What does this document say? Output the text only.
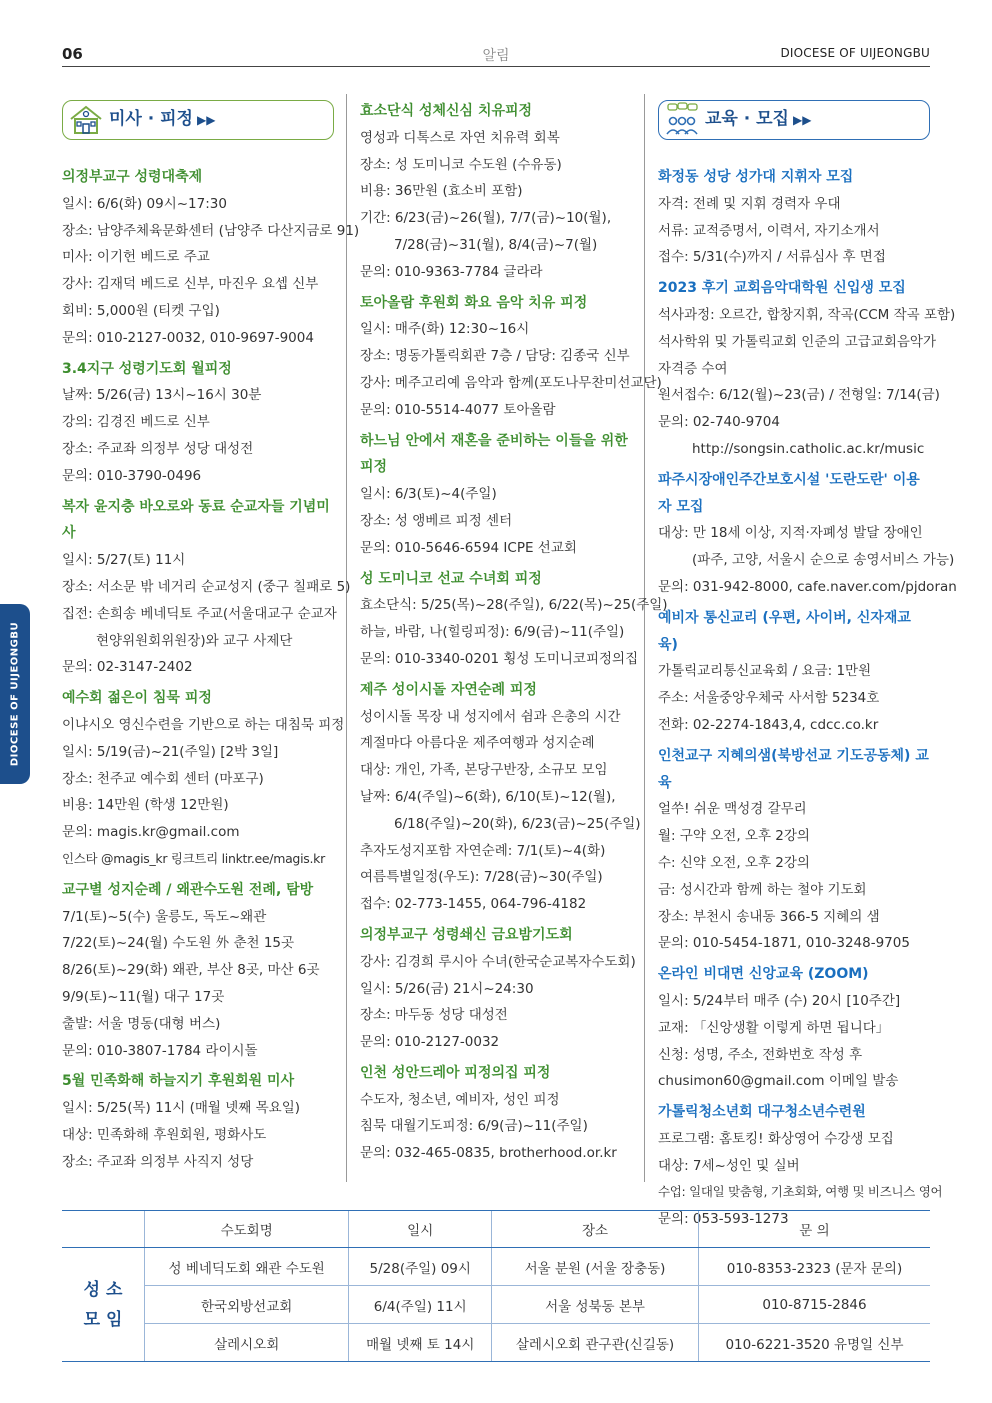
06	알림	DIOCESE OF UIJEONGBU
DIOCESE OF UIJEONGBU
미사 · 피정 ▶▶
의정부교구 성령대축제
일시: 6/6(화) 09시~17:30
장소: 남양주체육문화센터 (남양주 다산지금로 91)
미사: 이기헌 베드로 주교
강사: 김재덕 베드로 신부, 마진우 요셉 신부
회비: 5,000원 (티켓 구입)
문의: 010-2127-0032, 010-9697-9004
3.4지구 성령기도회 월피정
날짜: 5/26(금) 13시~16시 30분
강의: 김경진 베드로 신부
장소: 주교좌 의정부 성당 대성전
문의: 010-3790-0496
복자 윤지충 바오로와 동료 순교자들 기념미사
일시: 5/27(토) 11시
장소: 서소문 밖 네거리 순교성지 (중구 칠패로 5)
집전: 손희송 베네딕토 주교(서울대교구 순교자
현양위원회위원장)와 교구 사제단
문의: 02-3147-2402
예수회 젊은이 침묵 피정
이냐시오 영신수련을 기반으로 하는 대침묵 피정
일시: 5/19(금)~21(주일) [2박 3일]
장소: 천주교 예수회 센터 (마포구)
비용: 14만원 (학생 12만원)
문의: magis.kr@gmail.com
인스타 @magis_kr 링크트리 linktr.ee/magis.kr
교구별 성지순례 / 왜관수도원 전례, 탐방
7/1(토)~5(수) 울릉도, 독도~왜관
7/22(토)~24(월) 수도원 外 춘천 15곳
8/26(토)~29(화) 왜관, 부산 8곳, 마산 6곳
9/9(토)~11(월) 대구 17곳
출발: 서울 명동(대형 버스)
문의: 010-3807-1784 라이시돌
5월 민족화해 하늘지기 후원회원 미사
일시: 5/25(목) 11시 (매월 넷째 목요일)
대상: 민족화해 후원회원, 평화사도
장소: 주교좌 의정부 사직지 성당
효소단식 성체신심 치유피정
영성과 디톡스로 자연 치유력 회복
장소: 성 도미니코 수도원 (수유동)
비용: 36만원 (효소비 포함)
기간: 6/23(금)~26(월), 7/7(금)~10(월),
7/28(금)~31(월), 8/4(금)~7(월)
문의: 010-9363-7784 글라라
토아올람 후원회 화요 음악 치유 피정
일시: 매주(화) 12:30~16시
장소: 명동가톨릭회관 7층 / 담당: 김종국 신부
강사: 메주고리예 음악과 함께(포도나무찬미선교단)
문의: 010-5514-4077 토아올람
하느님 안에서 재혼을 준비하는 이들을 위한 피정
일시: 6/3(토)~4(주일)
장소: 성 앵베르 피정 센터
문의: 010-5646-6594 ICPE 선교회
성 도미니코 선교 수녀회 피정
효소단식: 5/25(목)~28(주일), 6/22(목)~25(주일)
하늘, 바람, 나(힐링피정): 6/9(금)~11(주일)
문의: 010-3340-0201 횡성 도미니코피정의집
제주 성이시돌 자연순례 피정
성이시돌 목장 내 성지에서 쉼과 은총의 시간
계절마다 아름다운 제주여행과 성지순례
대상: 개인, 가족, 본당구반장, 소규모 모임
날짜: 6/4(주일)~6(화), 6/10(토)~12(월),
6/18(주일)~20(화), 6/23(금)~25(주일)
추자도성지포함 자연순례: 7/1(토)~4(화)
여름특별일정(우도): 7/28(금)~30(주일)
접수: 02-773-1455, 064-796-4182
의정부교구 성령쇄신 금요밤기도회
강사: 김경희 루시아 수녀(한국순교복자수도회)
일시: 5/26(금) 21시~24:30
장소: 마두동 성당 대성전
문의: 010-2127-0032
인천 성안드레아 피정의집 피정
수도자, 청소년, 예비자, 성인 피정
침묵 대월기도피정: 6/9(금)~11(주일)
문의: 032-465-0835, brotherhood.or.kr
교육 · 모집 ▶▶
화정동 성당 성가대 지휘자 모집
자격: 전례 및 지휘 경력자 우대
서류: 교적증명서, 이력서, 자기소개서
접수: 5/31(수)까지 / 서류심사 후 면접
2023 후기 교회음악대학원 신입생 모집
석사과정: 오르간, 합창지휘, 작곡(CCM 작곡 포함)
석사학위 및 가톨릭교회 인준의 고급교회음악가
자격증 수여
원서접수: 6/12(월)~23(금) / 전형일: 7/14(금)
문의: 02-740-9704
http://songsin.catholic.ac.kr/music
파주시장애인주간보호시설 '도란도란' 이용자 모집
대상: 만 18세 이상, 지적·자폐성 발달 장애인
(파주, 고양, 서울시 순으로 송영서비스 가능)
문의: 031-942-8000, cafe.naver.com/pjdoran
예비자 통신교리 (우편, 사이버, 신자재교육)
가톨릭교리통신교육회 / 요금: 1만원
주소: 서울중앙우체국 사서함 5234호
전화: 02-2274-1843,4, cdcc.co.kr
인천교구 지혜의샘(북방선교 기도공동체) 교육
얼쑤! 쉬운 맥성경 갈무리
월: 구약 오전, 오후 2강의
수: 신약 오전, 오후 2강의
금: 성시간과 함께 하는 철야 기도회
장소: 부천시 송내동 366-5 지혜의 샘
문의: 010-5454-1871, 010-3248-9705
온라인 비대면 신앙교육 (ZOOM)
일시: 5/24부터 매주 (수) 20시 [10주간]
교재: 「신앙생활 이렇게 하면 됩니다」
신청: 성명, 주소, 전화번호 작성 후
chusimon60@gmail.com 이메일 발송
가톨릭청소년회 대구청소년수련원
프로그램: 홈토킹! 화상영어 수강생 모집
대상: 7세~성인 및 실버
수업: 일대일 맞춤형, 기초회화, 여행 및 비즈니스 영어
문의: 053-593-1273
	수도회명	일시	장소	문 의

성 소
모 임	성 베네딕도회 왜관 수도원	5/28(주일) 09시	서울 분원 (서울 장충동)	010-8353-2323 (문자 문의)
	한국외방선교회	6/4(주일) 11시	서울 성북동 본부	010-8715-2846
	살레시오회	매월 넷째 토 14시	살레시오회 관구관(신길동)	010-6221-3520 유명일 신부
